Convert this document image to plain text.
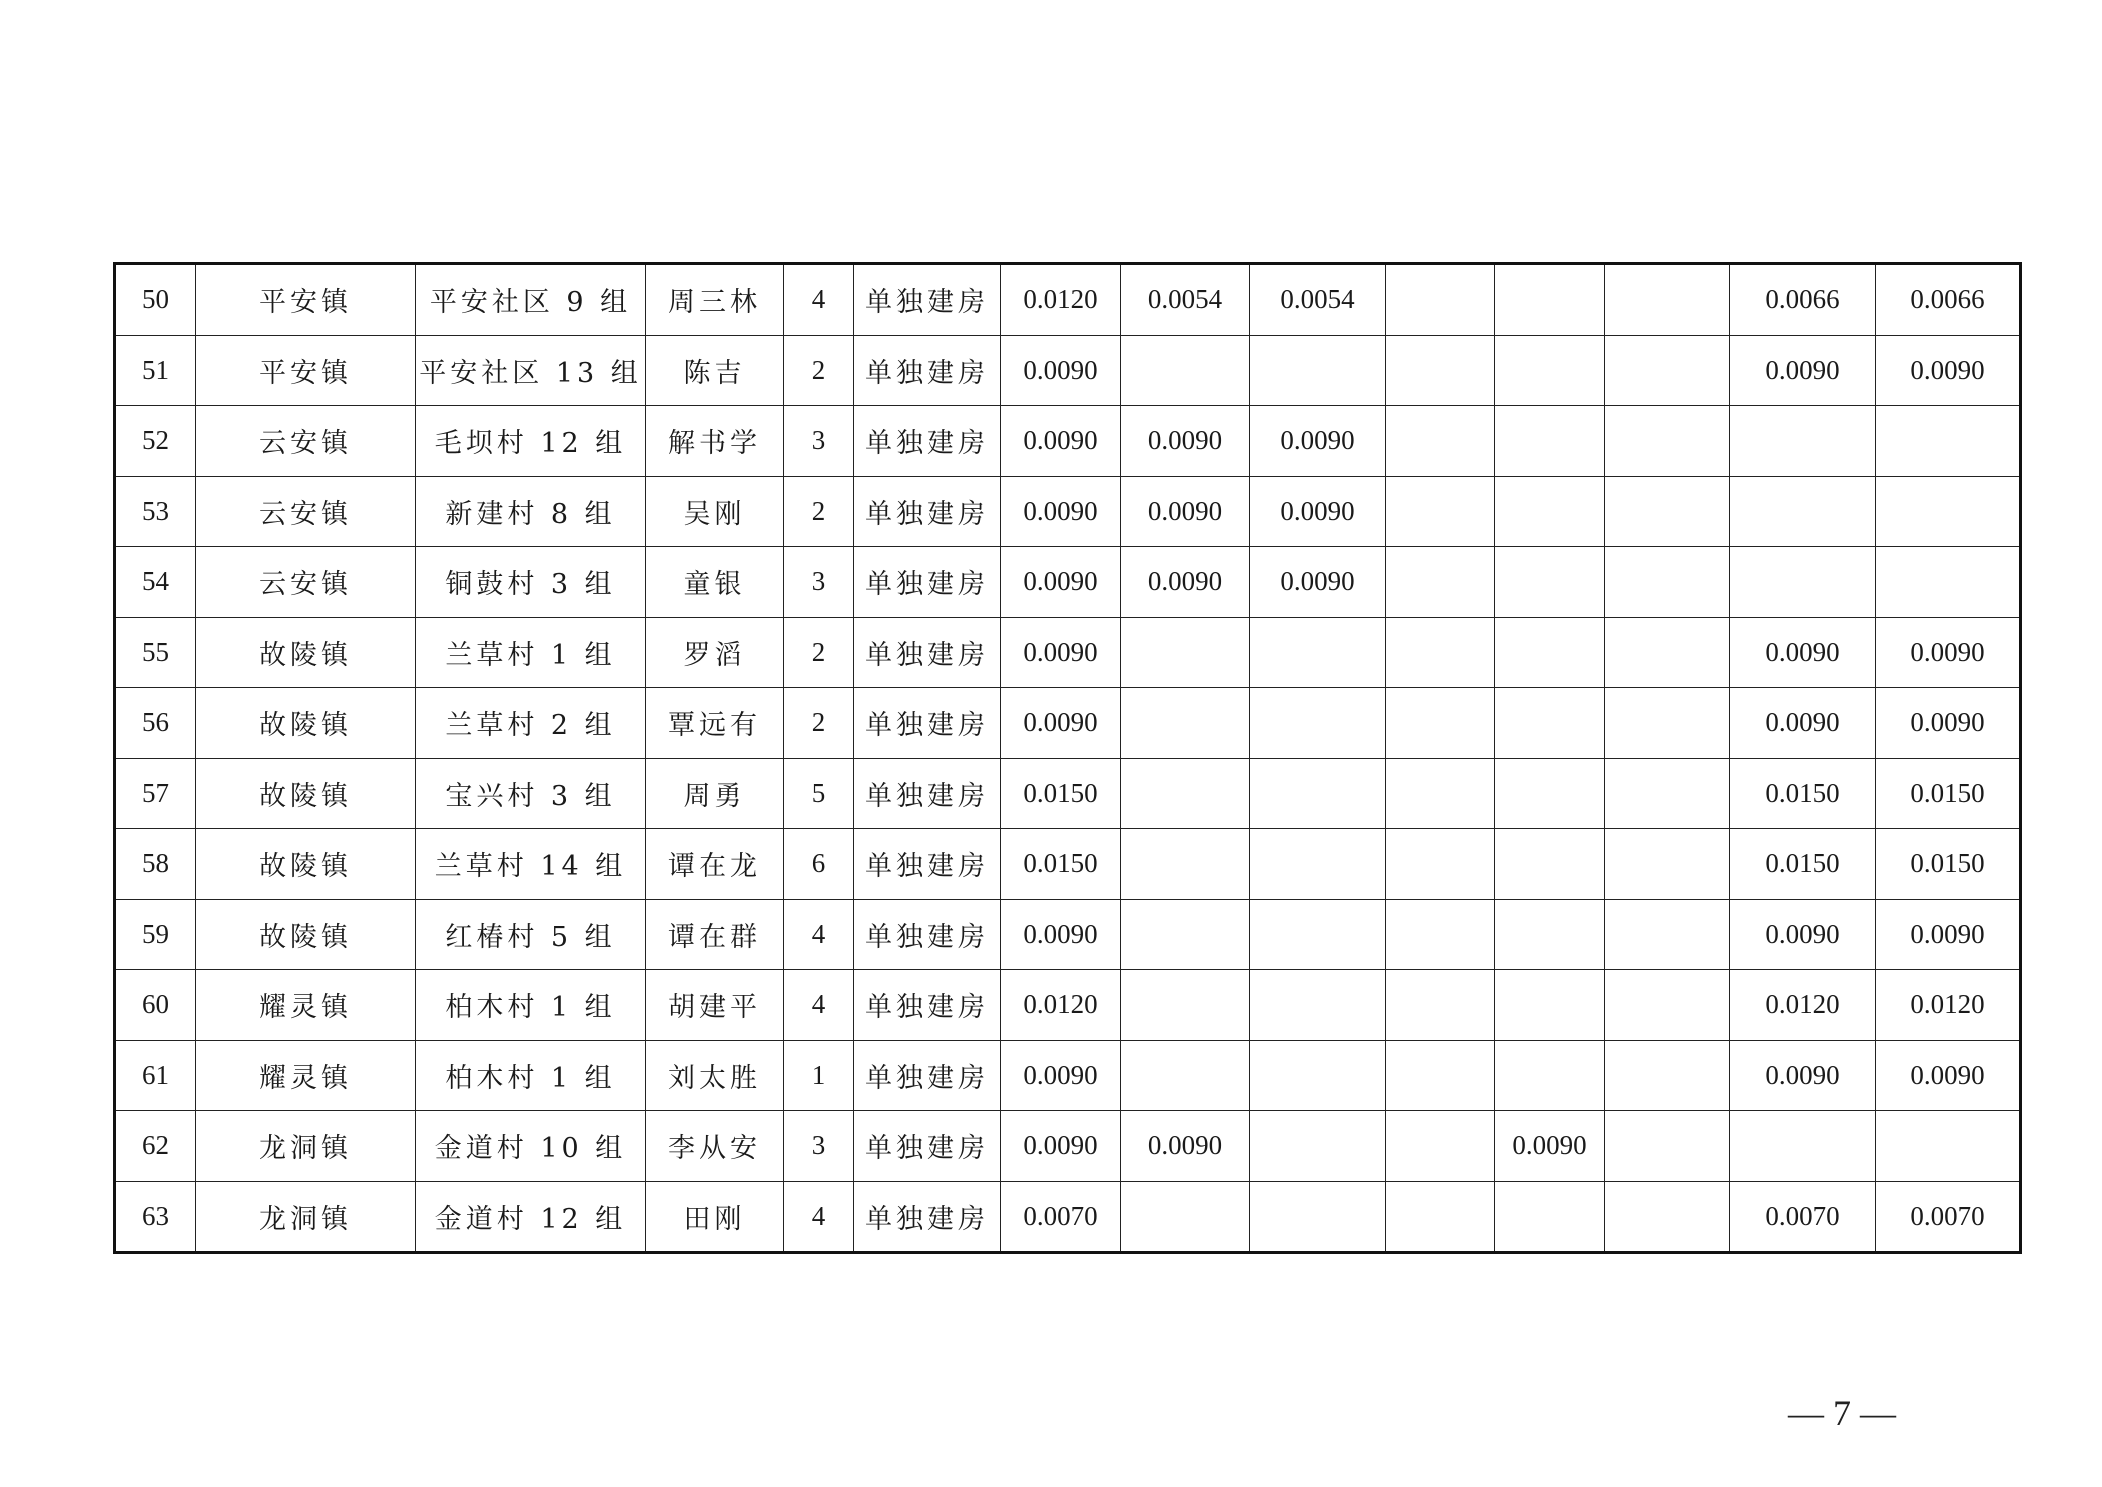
50	平安镇	平安社区 9 组	周三林	4	单独建房	0.0120	0.0054	0.0054				0.0066	0.0066
51	平安镇	平安社区 13 组	陈吉	2	单独建房	0.0090						0.0090	0.0090
52	云安镇	毛坝村 12 组	解书学	3	单独建房	0.0090	0.0090	0.0090					
53	云安镇	新建村 8 组	吴刚	2	单独建房	0.0090	0.0090	0.0090					
54	云安镇	铜鼓村 3 组	童银	3	单独建房	0.0090	0.0090	0.0090					
55	故陵镇	兰草村 1 组	罗滔	2	单独建房	0.0090						0.0090	0.0090
56	故陵镇	兰草村 2 组	覃远有	2	单独建房	0.0090						0.0090	0.0090
57	故陵镇	宝兴村 3 组	周勇	5	单独建房	0.0150						0.0150	0.0150
58	故陵镇	兰草村 14 组	谭在龙	6	单独建房	0.0150						0.0150	0.0150
59	故陵镇	红椿村 5 组	谭在群	4	单独建房	0.0090						0.0090	0.0090
60	耀灵镇	柏木村 1 组	胡建平	4	单独建房	0.0120						0.0120	0.0120
61	耀灵镇	柏木村 1 组	刘太胜	1	单独建房	0.0090						0.0090	0.0090
62	龙洞镇	金道村 10 组	李从安	3	单独建房	0.0090	0.0090			0.0090			
63	龙洞镇	金道村 12 组	田刚	4	单独建房	0.0070						0.0070	0.0070
— 7 —
